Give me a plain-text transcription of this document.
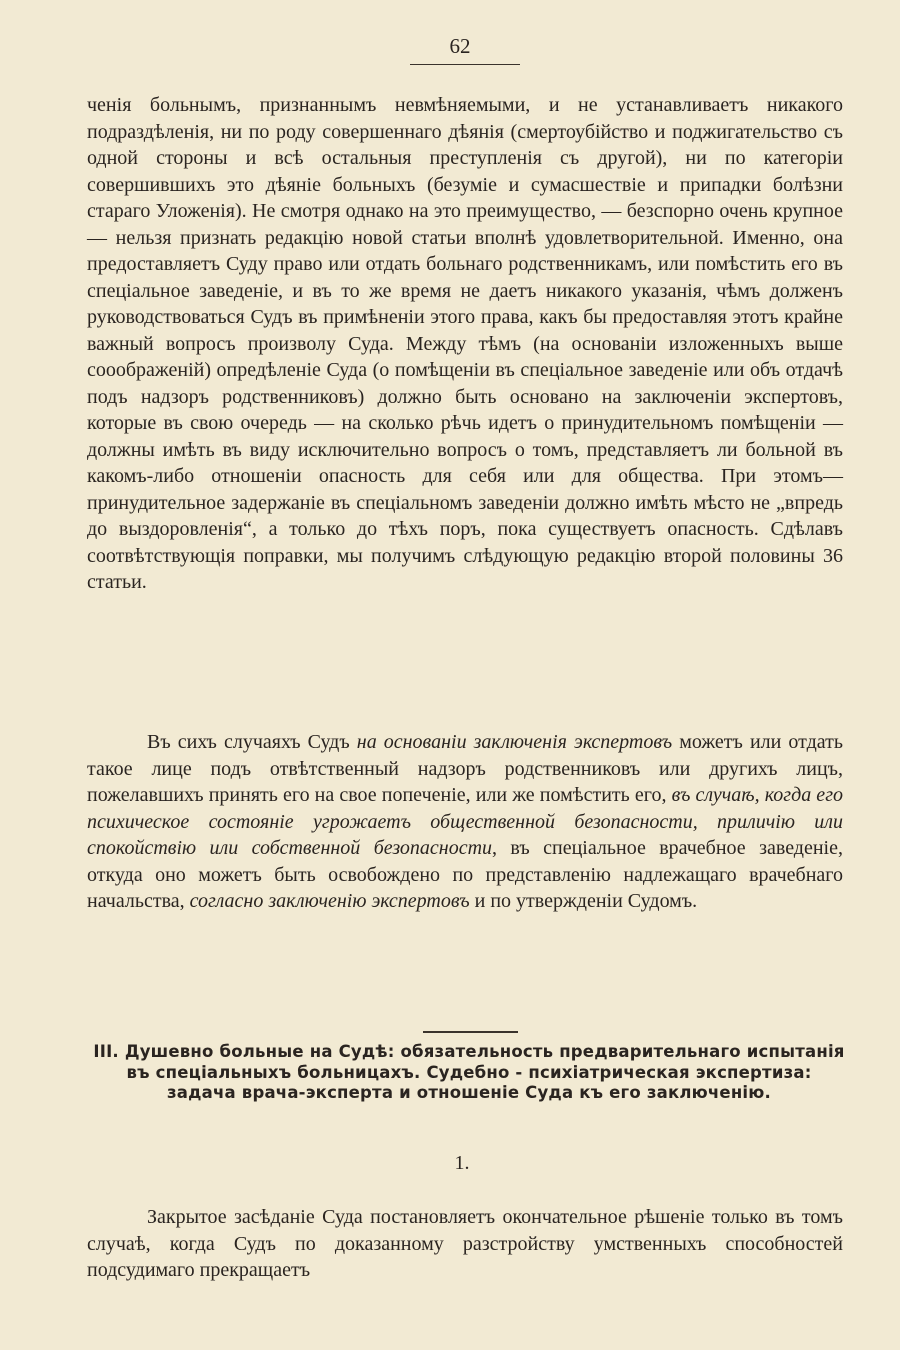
62

ченія больнымъ, признаннымъ невмѣняемыми, и не устанавливаетъ никакого подраздѣленія, ни по роду совершеннаго дѣянія (смертоубійство и поджигательство съ одной стороны и всѣ остальныя преступленія съ другой), ни по категоріи совершившихъ это дѣяніе больныхъ (безуміе и сумасшествіе и припадки болѣзни стараго Уложенія). Не смотря однако на это преимущество, — безспорно очень крупное — нельзя признать редакцію новой статьи вполнѣ удовлетворительной. Именно, она предоставляетъ Суду право или отдать больнаго родственникамъ, или помѣстить его въ спеціальное заведеніе, и въ то же время не даетъ никакого указанія, чѣмъ долженъ руководствоваться Судъ въ примѣненіи этого права, какъ бы предоставляя этотъ крайне важный вопросъ произволу Суда. Между тѣмъ (на основаніи изложенныхъ выше сооображеній) опредѣленіе Суда (о помѣщеніи въ спеціальное заведеніе или объ отдачѣ подъ надзоръ родственниковъ) должно быть основано на заключеніи экспертовъ, которые въ свою очередь — на сколько рѣчь идетъ о принудительномъ помѣщеніи — должны имѣть въ виду исключительно вопросъ о томъ, представляетъ ли больной въ какомъ-либо отношеніи опасность для себя или для общества. При этомъ—принудительное задержаніе въ спеціальномъ заведеніи должно имѣть мѣсто не „впредь до выздоровленія“, а только до тѣхъ поръ, пока существуетъ опасность. Сдѣлавъ соотвѣтствующія поправки, мы получимъ слѣдующую редакцію второй половины 36 статьи.

Въ сихъ случаяхъ Судъ на основаніи заключенія экспертовъ можетъ или отдать такое лице подъ отвѣтственный надзоръ родственниковъ или другихъ лицъ, пожелавшихъ принять его на свое попеченіе, или же помѣстить его, въ случаѣ, когда его психическое состояніе угрожаетъ общественной безопасности, приличію или спокойствію или собственной безопасности, въ спеціальное врачебное заведеніе, откуда оно можетъ быть освобождено по представленію надлежащаго врачебнаго начальства, согласно заключенію экспертовъ и по утвержденіи Судомъ.

III. Душевно больные на Судѣ: обязательность предварительнаго испытанія въ спеціальныхъ больницахъ. Судебно - психіатрическая экспертиза: задача врача-эксперта и отношеніе Суда къ его заключенію.
1.

Закрытое засѣданіе Суда постановляетъ окончательное рѣшеніе только въ томъ случаѣ, когда Судъ по доказанному разстройству умственныхъ способностей подсудимаго прекращаетъ
